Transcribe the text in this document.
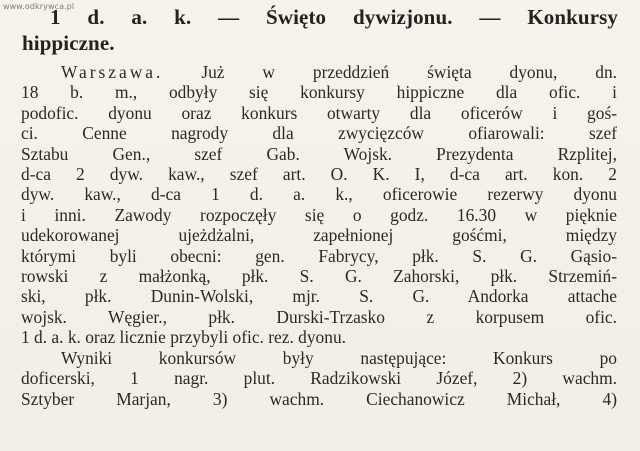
www.odkrywca.pl
1 d. a. k. — Święto dywizjonu. — Konkursy
hippiczne.
Warszawa. Już w przeddzień święta dyonu, dn.
18 b. m., odbyły się konkursy hippiczne dla ofic. i
podofic. dyonu oraz konkurs otwarty dla oficerów i goś-
ci. Cenne nagrody dla zwycięzców ofiarowali: szef
Sztabu Gen., szef Gab. Wojsk. Prezydenta Rzplitej,
d-ca 2 dyw. kaw., szef art. O. K. I, d-ca art. kon. 2
dyw. kaw., d-ca 1 d. a. k., oficerowie rezerwy dyonu
i inni. Zawody rozpoczęły się o godz. 16.30 w pięknie
udekorowanej ujeżdżalni, zapełnionej gośćmi, między
którymi byli obecni: gen. Fabrycy, płk. S. G. Gąsio-
rowski z małżonką, płk. S. G. Zahorski, płk. Strzemiń-
ski, płk. Dunin-Wolski, mjr. S. G. Andorka attache
wojsk. Węgier., płk. Durski-Trzasko z korpusem ofic.
1 d. a. k. oraz licznie przybyli ofic. rez. dyonu.
Wyniki konkursów były następujące: Konkurs po
doficerski, 1 nagr. plut. Radzikowski Józef, 2) wachm.
Sztyber Marjan, 3) wachm. Ciechanowicz Michał, 4)
